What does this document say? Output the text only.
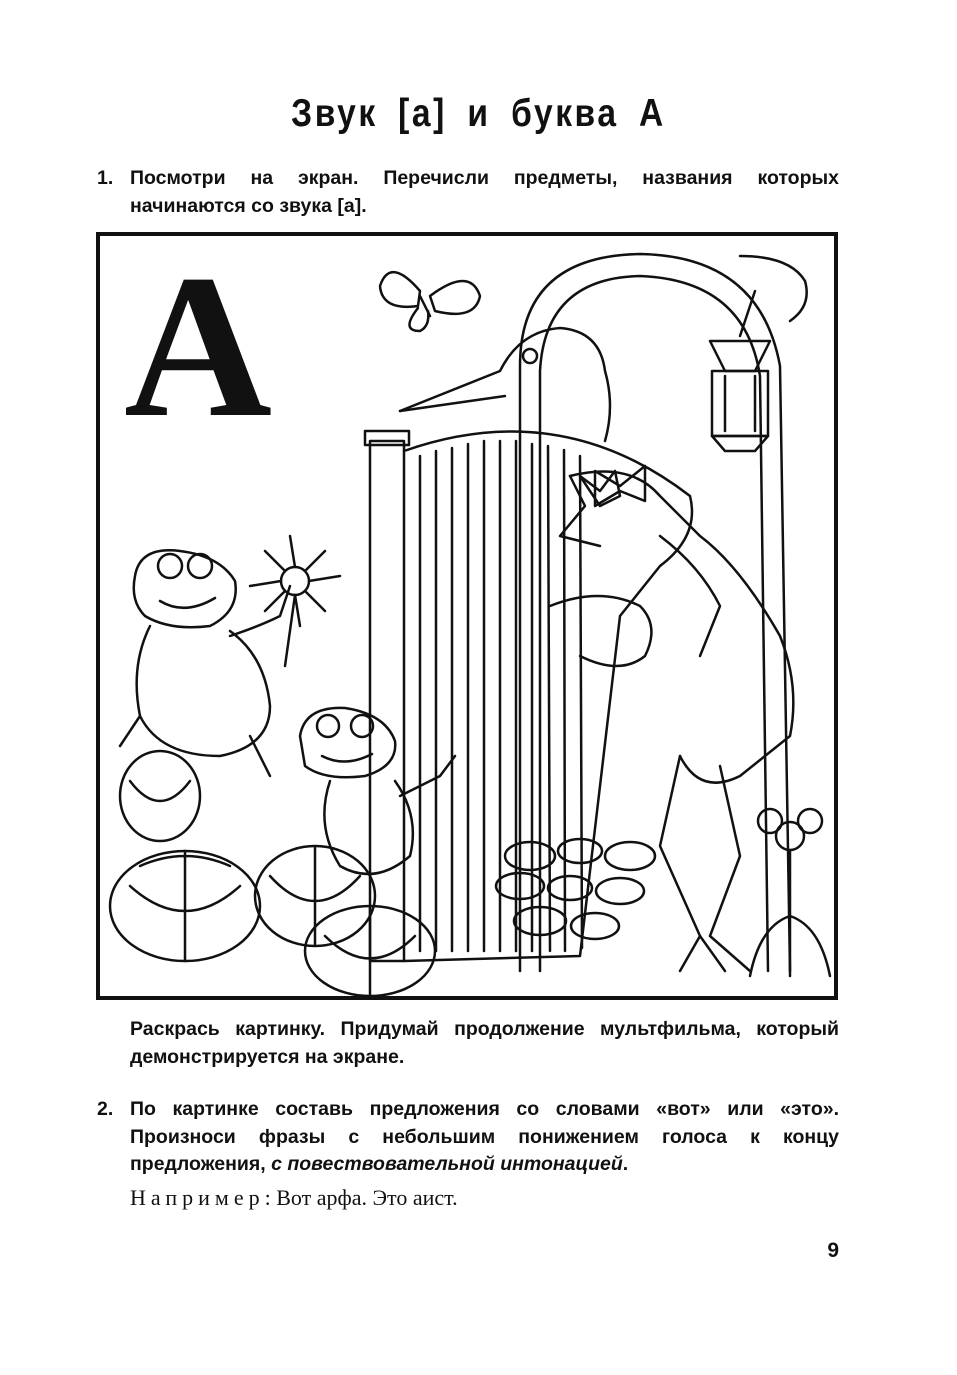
Звук [а] и буква А
1. Посмотри на экран. Перечисли предметы, названия которых начинаются со звука [а].
А
Раскрась картинку. Придумай продолжение мультфильма, который демонстрируется на экране.
2. По картинке составь предложения со словами «вот» или «это». Произноси фразы с небольшим понижением голоса к концу предложения, с повествовательной интонацией.
Например: Вот арфа. Это аист.
9
